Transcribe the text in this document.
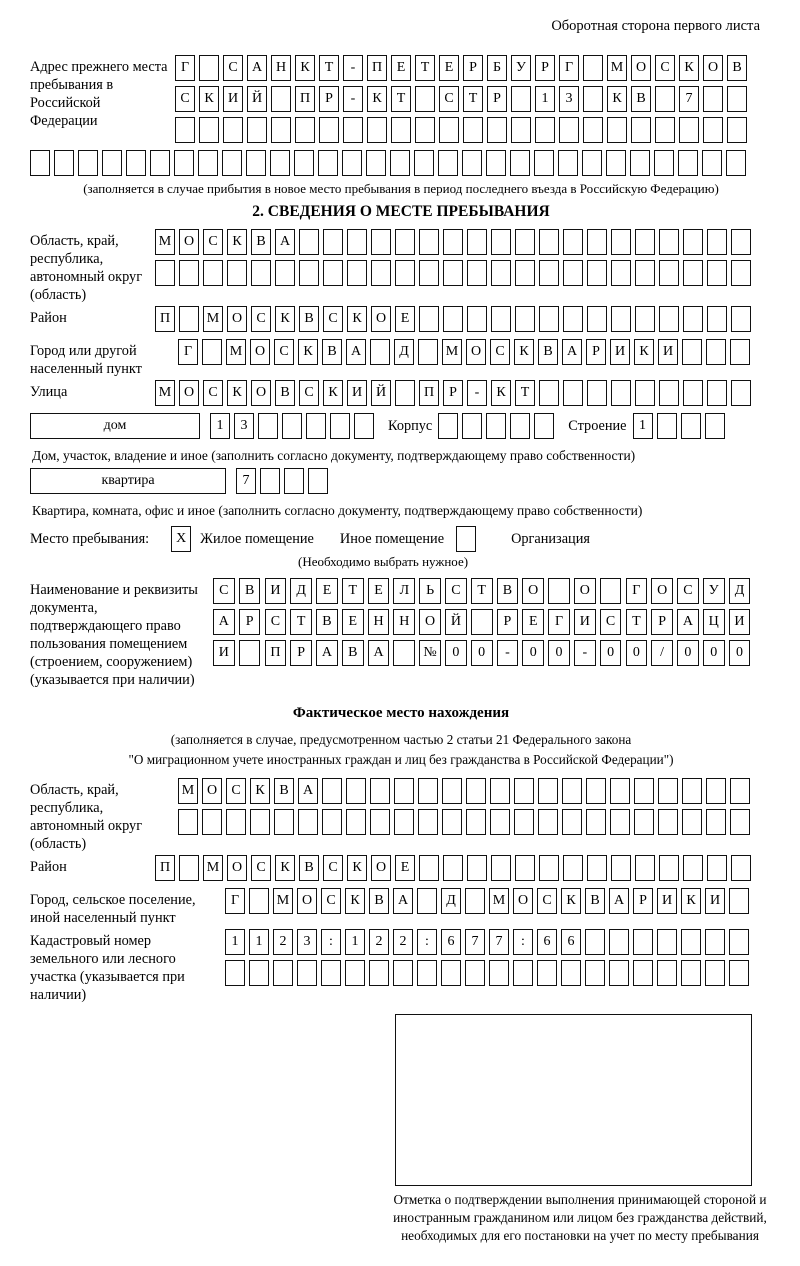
Оборотная сторона первого листа
Адрес прежнего места пребывания в Российской Федерации
Г	С А Н К Т - П Е Т Е Р Б У Р Г	М О С К О В
С К И Й	П Р - К Т	С Т Р	1 3	К В	7
(заполняется в случае прибытия в новое место пребывания в период последнего въезда в Российскую Федерацию)
2. СВЕДЕНИЯ О МЕСТЕ ПРЕБЫВАНИЯ
Область, край, республика, автономный округ (область)
М О С К В А
Район	П	М О С К В С К О Е
Город или другой населенный пункт
Г	М О С К В А	Д	М О С К В А Р И К И
Улица	М О С К О В С К И Й	П Р - К Т
дом	1 3	Корпус	Строение 1
Дом, участок, владение и иное (заполнить согласно документу, подтверждающему право собственности)
квартира	7
Квартира, комната, офис и иное (заполнить согласно документу, подтверждающему право собственности)
Место пребывания:	X Жилое помещение Иное помещение	Организация
(Необходимо выбрать нужное)
Наименование и реквизиты документа, подтверждающего право пользования помещением (строением, сооружением) (указывается при наличии)
С В И Д Е Т Е Л Ь С Т В О	О	Г О С У Д
А Р С Т В Е Н Н О Й	Р Е Г И С Т Р А Ц И
И	П Р А В А	№ 0 0 - 0 0 - 0 0 / 0 0 0
Фактическое место нахождения
(заполняется в случае, предусмотренном частью 2 статьи 21 Федерального закона
"О миграционном учете иностранных граждан и лиц без гражданства в Российской Федерации")
Область, край, республика, автономный округ (область)
М О С К В А
Район	П	М О С К В С К О Е
Город, сельское поселение, иной населенный пункт
Г	М О С К В А	Д	М О С К В А Р И К И
Кадастровый номер земельного или лесного участка (указывается при наличии)
1 1 2 3 : 1 2 2 : 6 7 7 : 6 6
Отметка о подтверждении выполнения принимающей стороной и иностранным гражданином или лицом без гражданства действий, необходимых для его постановки на учет по месту пребывания
